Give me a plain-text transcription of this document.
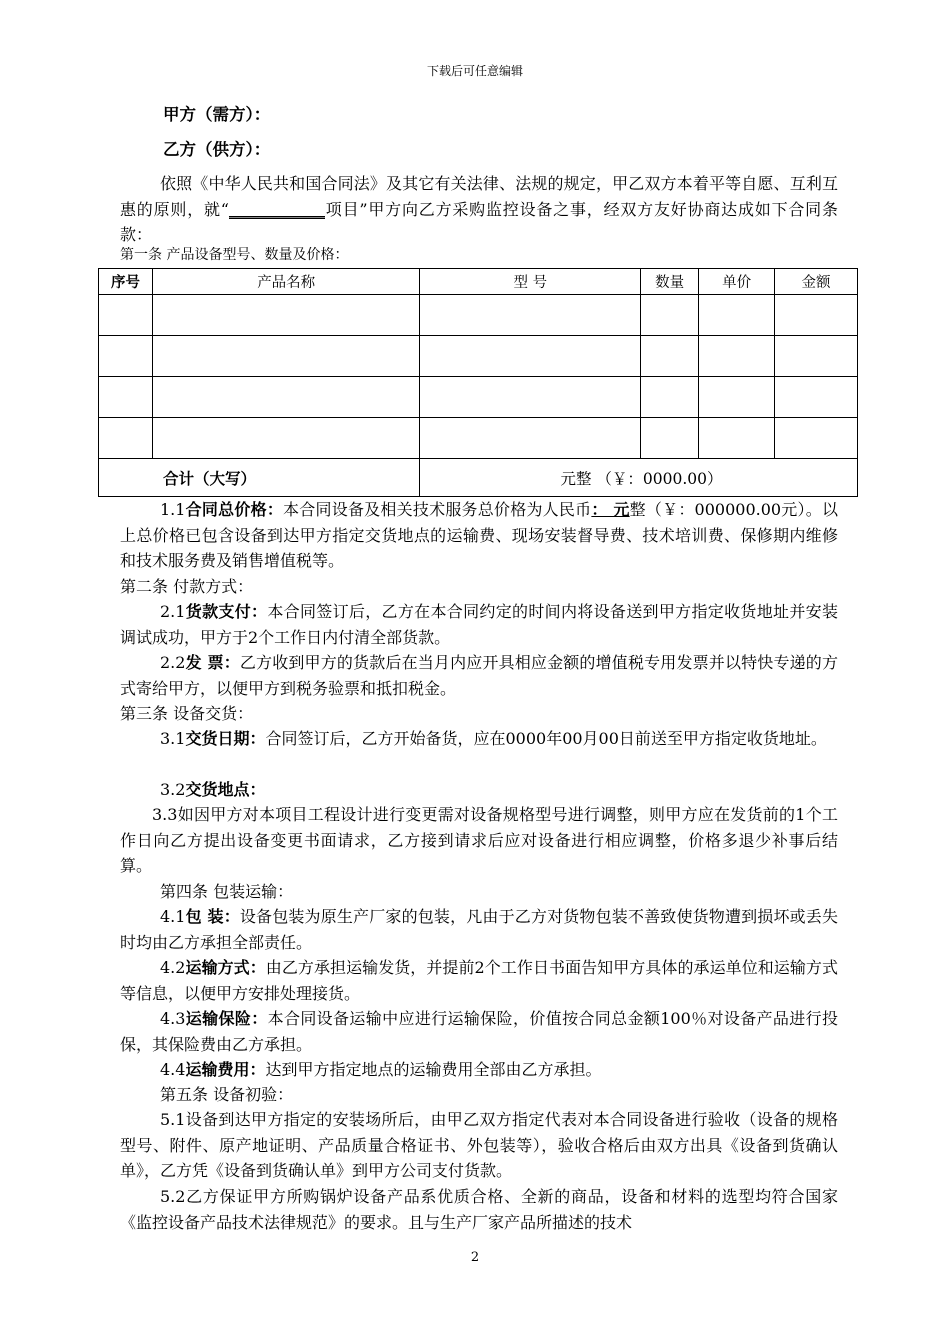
下载后可任意编辑
甲方（需方）：
乙方（供方）：
依照《中华人民共和国合同法》及其它有关法律、法规的规定，甲乙双方本着平等自愿、互利互惠的原则，就“____________项目”甲方向乙方采购监控设备之事，经双方友好协商达成如下合同条款：
第一条 产品设备型号、数量及价格：
序号	产品名称	型 号	数量	单价	金额

合计（大写）		元整 （￥：0000.00）			
1.1合同总价格：本合同设备及相关技术服务总价格为人民币： 元整（￥：000000.00元）。以上总价格已包含设备到达甲方指定交货地点的运输费、现场安装督导费、技术培训费、保修期内维修和技术服务费及销售增值税等。
第二条 付款方式：
2.1货款支付：本合同签订后，乙方在本合同约定的时间内将设备送到甲方指定收货地址并安装调试成功，甲方于2个工作日内付清全部货款。
2.2发 票：乙方收到甲方的货款后在当月内应开具相应金额的增值税专用发票并以特快专递的方式寄给甲方，以便甲方到税务验票和抵扣税金。
第三条 设备交货：
3.1交货日期：合同签订后，乙方开始备货，应在0000年00月00日前送至甲方指定收货地址。
3.2交货地点：
3.3如因甲方对本项目工程设计进行变更需对设备规格型号进行调整，则甲方应在发货前的1个工作日向乙方提出设备变更书面请求，乙方接到请求后应对设备进行相应调整，价格多退少补事后结算。
第四条 包装运输：
4.1包 装：设备包装为原生产厂家的包装，凡由于乙方对货物包装不善致使货物遭到损坏或丢失时均由乙方承担全部责任。
4.2运输方式：由乙方承担运输发货，并提前2个工作日书面告知甲方具体的承运单位和运输方式等信息，以便甲方安排处理接货。
4.3运输保险：本合同设备运输中应进行运输保险，价值按合同总金额100％对设备产品进行投保，其保险费由乙方承担。
4.4运输费用：达到甲方指定地点的运输费用全部由乙方承担。
第五条 设备初验：
5.1设备到达甲方指定的安装场所后，由甲乙双方指定代表对本合同设备进行验收（设备的规格型号、附件、原产地证明、产品质量合格证书、外包装等），验收合格后由双方出具《设备到货确认单》，乙方凭《设备到货确认单》到甲方公司支付货款。
5.2乙方保证甲方所购锅炉设备产品系优质合格、全新的商品，设备和材料的选型均符合国家《监控设备产品技术法律规范》的要求。且与生产厂家产品所描述的技术
2
